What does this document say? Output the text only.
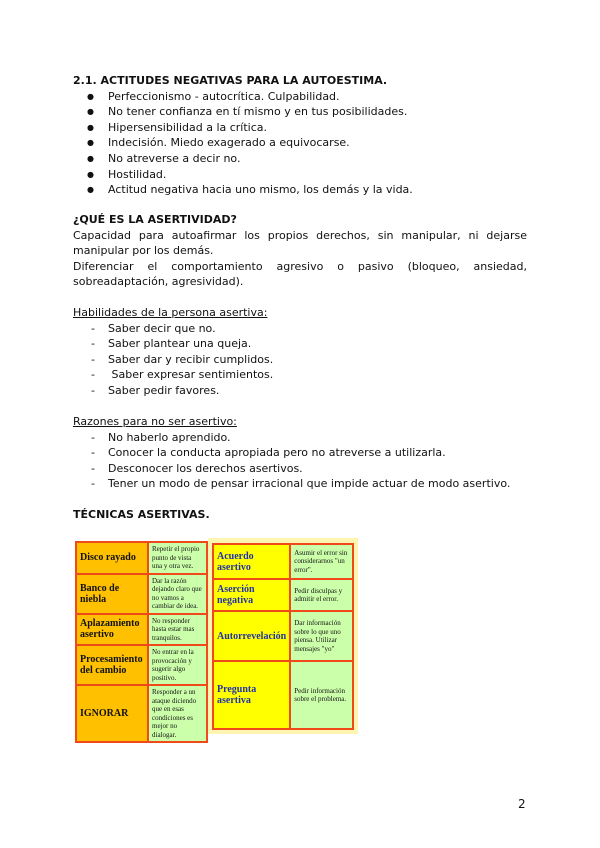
2.1. ACTITUDES NEGATIVAS PARA LA AUTOESTIMA.
● Perfeccionismo - autocrítica. Culpabilidad.
● No tener confianza en tí mismo y en tus posibilidades.
● Hipersensibilidad a la crítica.
● Indecisión. Miedo exagerado a equivocarse.
● No atreverse a decir no.
● Hostilidad.
● Actitud negativa hacia uno mismo, los demás y la vida.
¿QUÉ ES LA ASERTIVIDAD?
Capacidad para autoafirmar los propios derechos, sin manipular, ni dejarse
manipular por los demás.
Diferenciar el comportamiento agresivo o pasivo (bloqueo, ansiedad,
sobreadaptación, agresividad).
Habilidades de la persona asertiva:
- Saber decir que no.
- Saber plantear una queja.
- Saber dar y recibir cumplidos.
-  Saber expresar sentimientos.
- Saber pedir favores.
Razones para no ser asertivo:
- No haberlo aprendido.
- Conocer la conducta apropiada pero no atreverse a utilizarla.
- Desconocer los derechos asertivos.
- Tener un modo de pensar irracional que impide actuar de modo asertivo.
TÉCNICAS ASERTIVAS.
Disco rayado	Repetir el propio punto de vista una y otra vez.
Banco de niebla	Dar la razón dejando claro que no vamos a cambiar de idea.
Aplazamiento asertivo	No responder hasta estar mas tranquilos.
Procesamiento del cambio	No entrar en la provocación y sugerir algo positivo.
IGNORAR	Responder a un ataque diciendo que en esas condiciones es mejor no dialogar.
Acuerdo asertivo	Asumir el error sin considerarnos "un error".
Aserción negativa	Pedir disculpas y admitir el error.
Autorrevelación	Dar información sobre lo que uno piensa. Utilizar mensajes "yo"
Pregunta asertiva	Pedir información sobre el problema.
2
